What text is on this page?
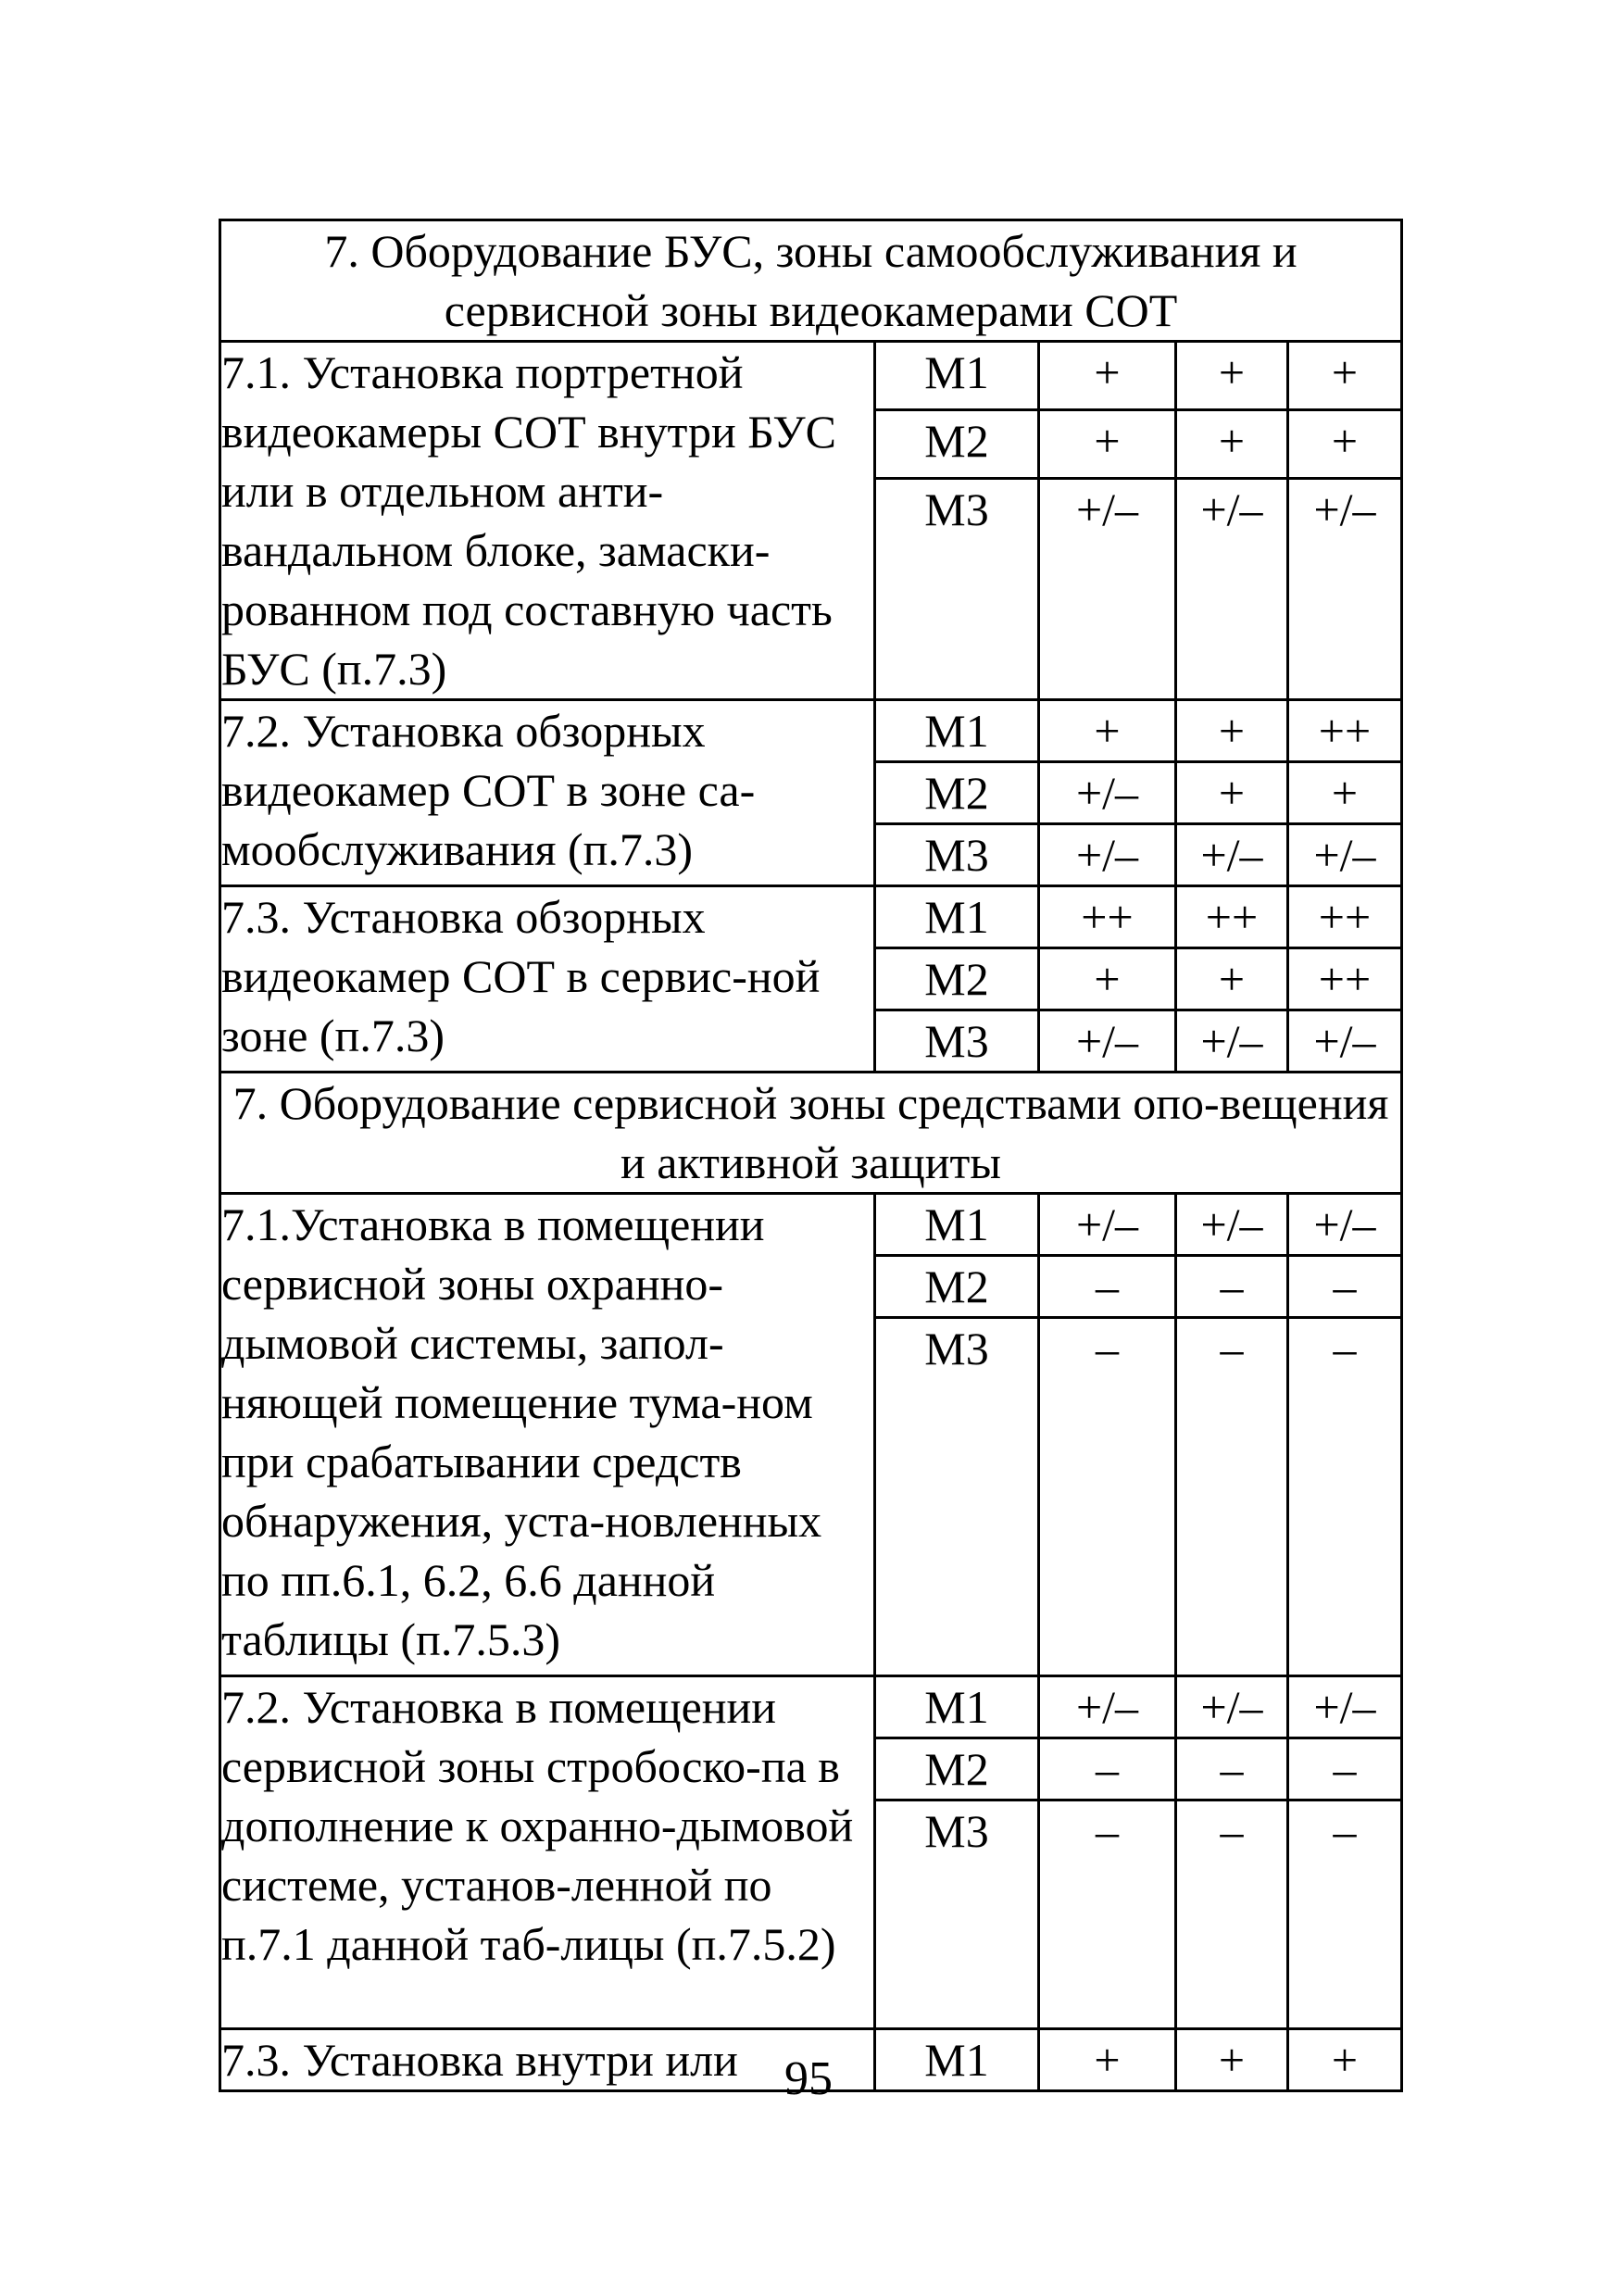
7. Оборудование БУС, зоны самообслуживания и сервисной зоны видеокамерами СОТ				
7.1. Установка портретной видеокамеры СОТ внутри БУС или в отдельном анти-вандальном блоке, замаски-рованном под составную часть БУС (п.7.3)	М1	+	+	+
	М2	+	+	+
	М3	+/–	+/–	+/–
7.2. Установка обзорных видеокамер СОТ в зоне са-мообслуживания (п.7.3)	М1	+	+	++
	М2	+/–	+	+
	М3	+/–	+/–	+/–
7.3. Установка обзорных видеокамер СОТ в сервис-ной зоне (п.7.3)	М1	++	++	++
	М2	+	+	++
	М3	+/–	+/–	+/–
7. Оборудование сервисной зоны средствами опо-вещения и активной защиты				
7.1.Установка в помещении сервисной зоны охранно-дымовой системы, запол-няющей помещение тума-ном при срабатывании средств обнаружения, уста-новленных по пп.6.1, 6.2, 6.6 данной таблицы (п.7.5.3)	М1	+/–	+/–	+/–
	М2	–	–	–
	М3	–	–	–
7.2. Установка в помещении сервисной зоны стробоско-па в дополнение к охранно-дымовой системе, установ-ленной по п.7.1 данной таб-лицы (п.7.5.2)	М1	+/–	+/–	+/–
	М2	–	–	–
	М3	–	–	–
7.3. Установка внутри или	М1	+	+	+
95
